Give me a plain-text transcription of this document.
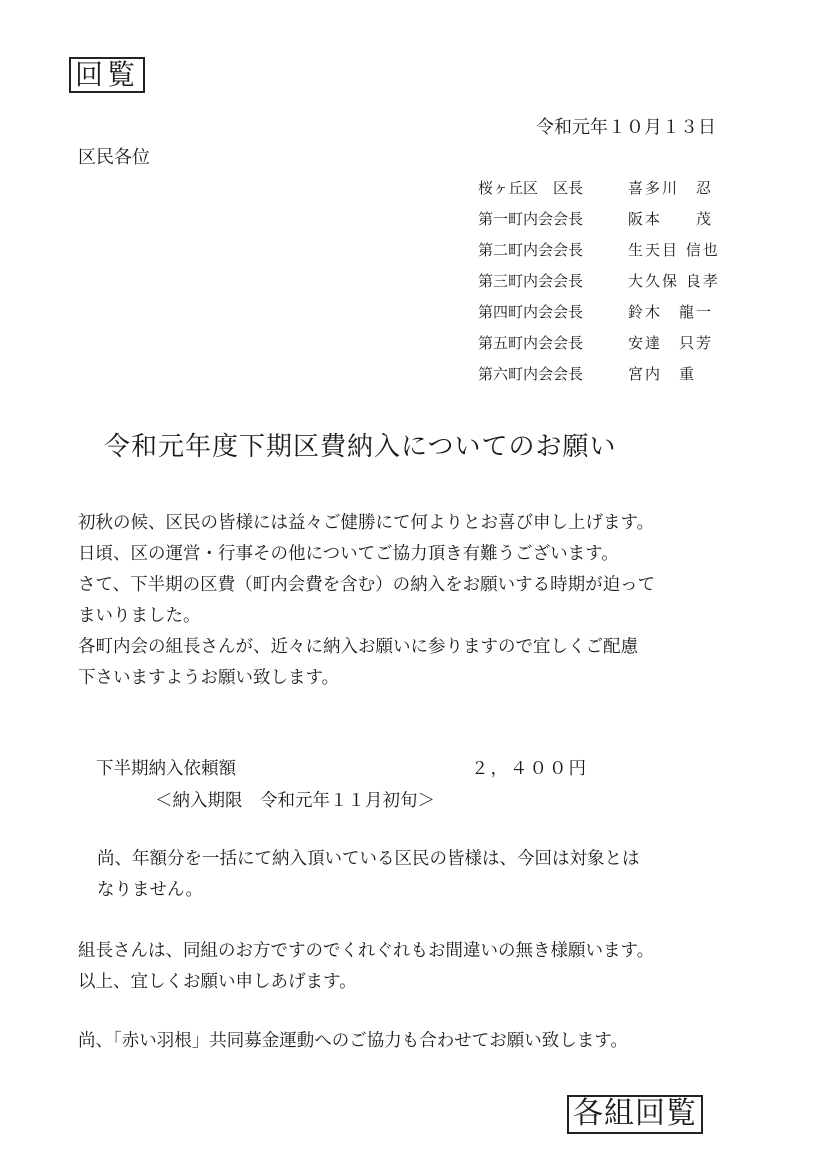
回覧
令和元年１０月１３日
区民各位
桜ヶ丘区　区長	喜多川　忍
第一町内会会長	阪本　　茂
第二町内会会長	生天目 信也
第三町内会会長	大久保 良孝
第四町内会会長	鈴木　龍一
第五町内会会長	安達　只芳
第六町内会会長	宮内　重
令和元年度下期区費納入についてのお願い

初秋の候、区民の皆様には益々ご健勝にて何よりとお喜び申し上げます。

日頃、区の運営・行事その他についてご協力頂き有難うございます。

さて、下半期の区費（町内会費を含む）の納入をお願いする時期が迫って

まいりました。

各町内会の組長さんが、近々に納入お願いに参りますので宜しくご配慮

下さいますようお願い致します。

下半期納入依頼額	２，４００円
＜納入期限　令和元年１１月初旬＞
尚、年額分を一括にて納入頂いている区民の皆様は、今回は対象とは
なりません。

組長さんは、同組のお方ですのでくれぐれもお間違いの無き様願います。

以上、宜しくお願い申しあげます。

尚、「赤い羽根」共同募金運動へのご協力も合わせてお願い致します。
各組回覧
